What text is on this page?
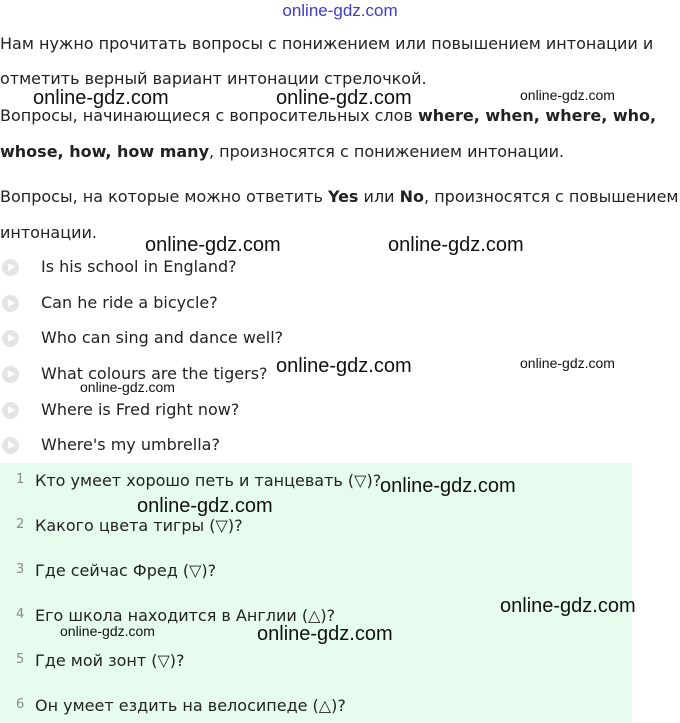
online-gdz.com
Нам нужно прочитать вопросы с понижением или повышением интонации и
отметить верный вариант интонации стрелочкой.
Вопросы, начинающиеся с вопросительных слов where, when, where, who,
whose, how, how many, произносятся с понижением интонации.
Вопросы, на которые можно ответить Yes или No, произносятся с повышением
интонации.
Is his school in England?
Can he ride a bicycle?
Who can sing and dance well?
What colours are the tigers?
Where is Fred right now?
Where's my umbrella?
1 Кто умеет хорошо петь и танцевать (▽)?
2 Какого цвета тигры (▽)?
3 Где сейчас Фред (▽)?
4 Его школа находится в Англии (△)?
5 Где мой зонт (▽)?
6 Он умеет ездить на велосипеде (△)?
online-gdz.com	online-gdz.com	online-gdz.com
online-gdz.com	online-gdz.com
online-gdz.com	online-gdz.com
online-gdz.com
online-gdz.com
online-gdz.com
online-gdz.com
online-gdz.com	online-gdz.com
